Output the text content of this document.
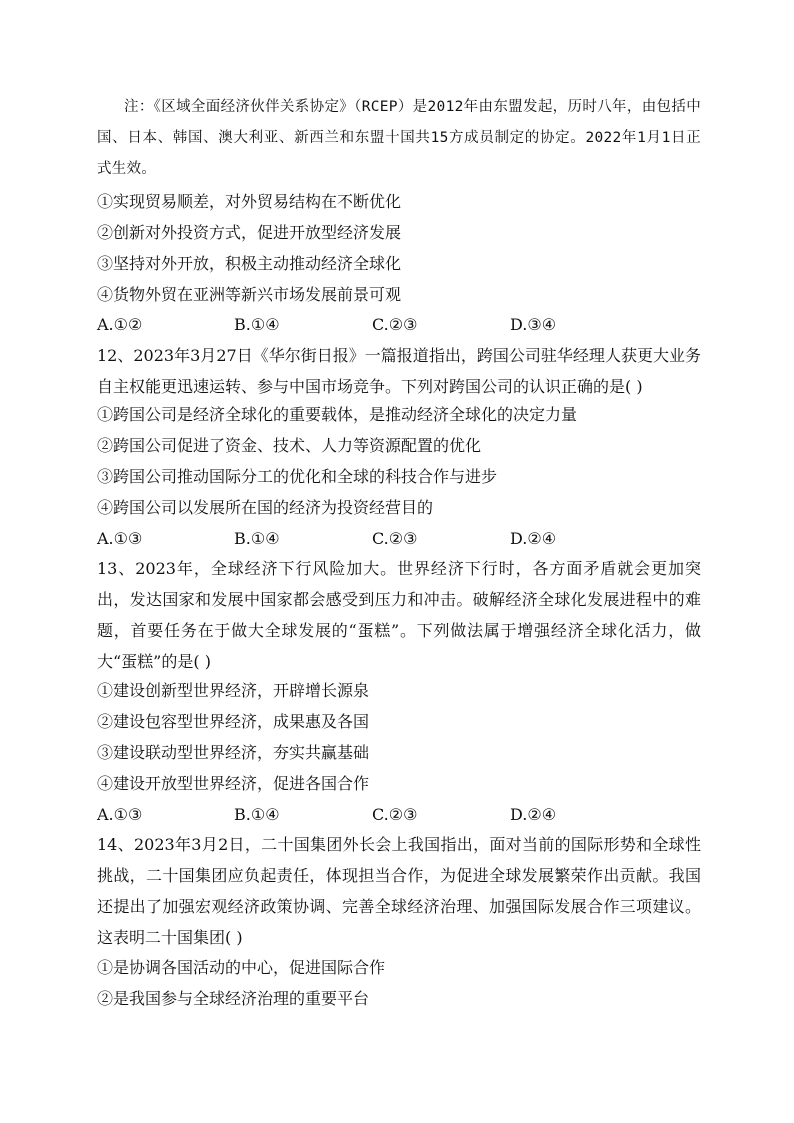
注：《区域全面经济伙伴关系协定》（RCEP）是2012年由东盟发起，历时八年，由包括中国、日本、韩国、澳大利亚、新西兰和东盟十国共15方成员制定的协定。2022年1月1日正式生效。

①实现贸易顺差，对外贸易结构在不断优化
②创新对外投资方式，促进开放型经济发展
③坚持对外开放，积极主动推动经济全球化
④货物外贸在亚洲等新兴市场发展前景可观
A.①②	B.①④	C.②③	D.③④

12、2023年3月27日《华尔街日报》一篇报道指出，跨国公司驻华经理人获更大业务自主权能更迅速运转、参与中国市场竞争。下列对跨国公司的认识正确的是( )

①跨国公司是经济全球化的重要载体，是推动经济全球化的决定力量
②跨国公司促进了资金、技术、人力等资源配置的优化
③跨国公司推动国际分工的优化和全球的科技合作与进步
④跨国公司以发展所在国的经济为投资经营目的
A.①③	B.①④	C.②③	D.②④

13、2023年，全球经济下行风险加大。世界经济下行时，各方面矛盾就会更加突出，发达国家和发展中国家都会感受到压力和冲击。破解经济全球化发展进程中的难题，首要任务在于做大全球发展的“蛋糕”。下列做法属于增强经济全球化活力，做大“蛋糕”的是( )

①建设创新型世界经济，开辟增长源泉
②建设包容型世界经济，成果惠及各国
③建设联动型世界经济，夯实共赢基础
④建设开放型世界经济，促进各国合作
A.①③	B.①④	C.②③	D.②④

14、2023年3月2日，二十国集团外长会上我国指出，面对当前的国际形势和全球性挑战，二十国集团应负起责任，体现担当合作，为促进全球发展繁荣作出贡献。我国还提出了加强宏观经济政策协调、完善全球经济治理、加强国际发展合作三项建议。这表明二十国集团( )

①是协调各国活动的中心，促进国际合作
②是我国参与全球经济治理的重要平台
